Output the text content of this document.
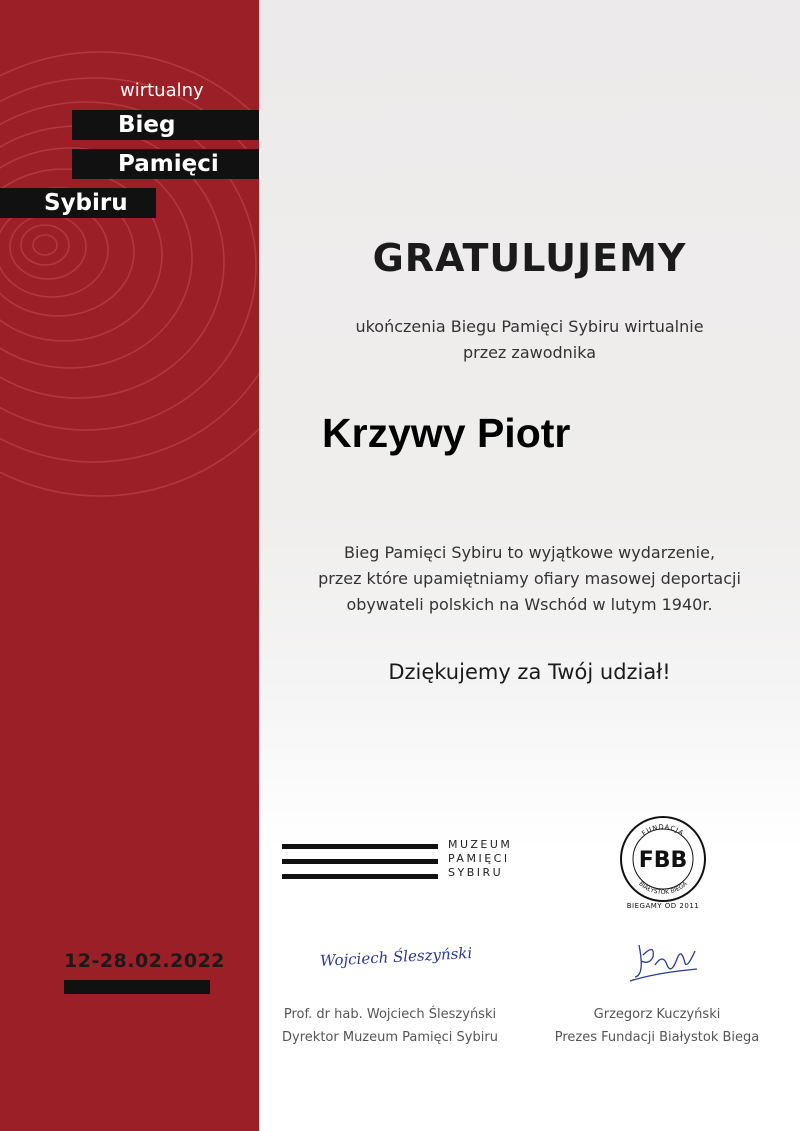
wirtualny
Bieg
Pamięci
Sybiru
12-28.02.2022
GRATULUJEMY
ukończenia Biegu Pamięci Sybiru wirtualnie
przez zawodnika
Krzywy Piotr
Bieg Pamięci Sybiru to wyjątkowe wydarzenie,
przez które upamiętniamy ofiary masowej deportacji
obywateli polskich na Wschód w lutym 1940r.
Dziękujemy za Twój udział!
MUZEUM
PAMIĘCI
SYBIRU
FUNDACJA
BIAŁYSTOK BIEGA
FBB
BIEGAMY OD 2011
Wojciech Śleszyński
Kuczyński
Prof. dr hab. Wojciech Śleszyński
Dyrektor Muzeum Pamięci Sybiru
Grzegorz Kuczyński
Prezes Fundacji Białystok Biega
